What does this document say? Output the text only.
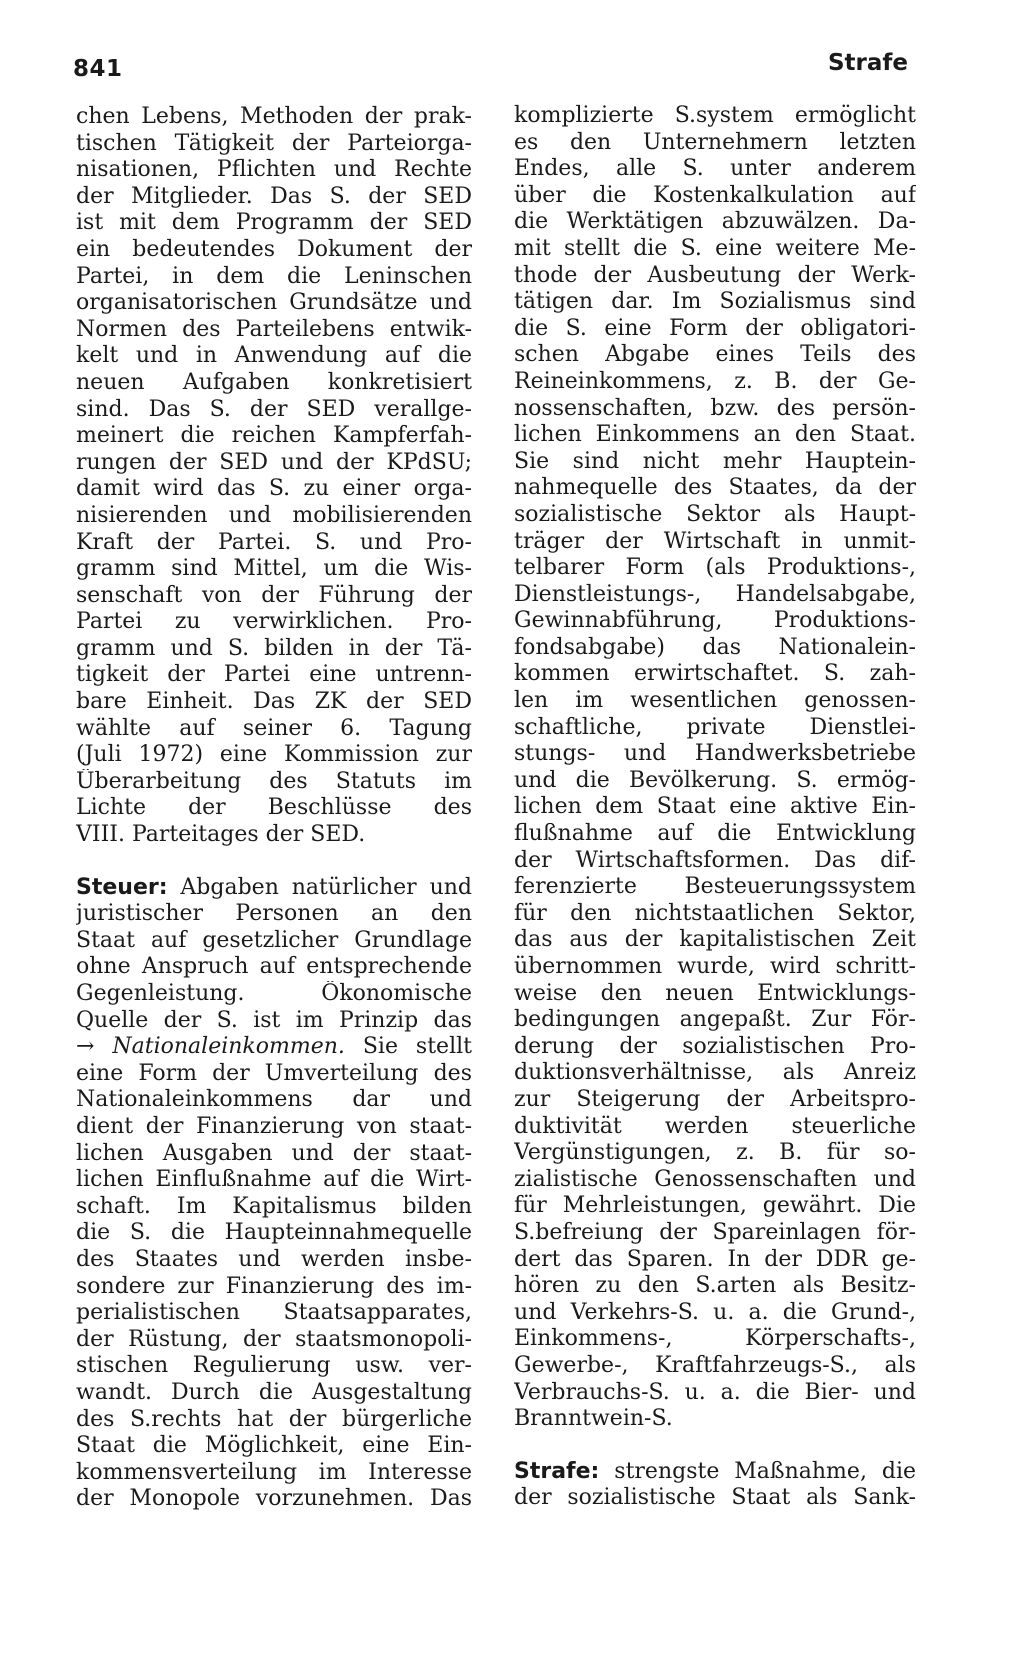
841	Strafe
chen Lebens, Methoden der prak-
tischen Tätigkeit der Parteiorga-
nisationen, Pflichten und Rechte
der Mitglieder. Das S. der SED
ist mit dem Programm der SED
ein bedeutendes Dokument der
Partei, in dem die Leninschen
organisatorischen Grundsätze und
Normen des Parteilebens entwik-
kelt und in Anwendung auf die
neuen Aufgaben konkretisiert
sind. Das S. der SED verallge-
meinert die reichen Kampferfah-
rungen der SED und der KPdSU;
damit wird das S. zu einer orga-
nisierenden und mobilisierenden
Kraft der Partei. S. und Pro-
gramm sind Mittel, um die Wis-
senschaft von der Führung der
Partei zu verwirklichen. Pro-
gramm und S. bilden in der Tä-
tigkeit der Partei eine untrenn-
bare Einheit. Das ZK der SED
wählte auf seiner 6. Tagung
(Juli 1972) eine Kommission zur
Überarbeitung des Statuts im
Lichte der Beschlüsse des
VIII. Parteitages der SED.
Steuer: Abgaben natürlicher und
juristischer Personen an den
Staat auf gesetzlicher Grundlage
ohne Anspruch auf entsprechende
Gegenleistung. Ökonomische
Quelle der S. ist im Prinzip das
→ Nationaleinkommen. Sie stellt
eine Form der Umverteilung des
Nationaleinkommens dar und
dient der Finanzierung von staat-
lichen Ausgaben und der staat-
lichen Einflußnahme auf die Wirt-
schaft. Im Kapitalismus bilden
die S. die Haupteinnahmequelle
des Staates und werden insbe-
sondere zur Finanzierung des im-
perialistischen Staatsapparates,
der Rüstung, der staatsmonopoli-
stischen Regulierung usw. ver-
wandt. Durch die Ausgestaltung
des S.rechts hat der bürgerliche
Staat die Möglichkeit, eine Ein-
kommensverteilung im Interesse
der Monopole vorzunehmen. Das
komplizierte S.system ermöglicht
es den Unternehmern letzten
Endes, alle S. unter anderem
über die Kostenkalkulation auf
die Werktätigen abzuwälzen. Da-
mit stellt die S. eine weitere Me-
thode der Ausbeutung der Werk-
tätigen dar. Im Sozialismus sind
die S. eine Form der obligatori-
schen Abgabe eines Teils des
Reineinkommens, z. B. der Ge-
nossenschaften, bzw. des persön-
lichen Einkommens an den Staat.
Sie sind nicht mehr Hauptein-
nahmequelle des Staates, da der
sozialistische Sektor als Haupt-
träger der Wirtschaft in unmit-
telbarer Form (als Produktions-,
Dienstleistungs-, Handelsabgabe,
Gewinnabführung, Produktions-
fondsabgabe) das Nationalein-
kommen erwirtschaftet. S. zah-
len im wesentlichen genossen-
schaftliche, private Dienstlei-
stungs- und Handwerksbetriebe
und die Bevölkerung. S. ermög-
lichen dem Staat eine aktive Ein-
flußnahme auf die Entwicklung
der Wirtschaftsformen. Das dif-
ferenzierte Besteuerungssystem
für den nichtstaatlichen Sektor,
das aus der kapitalistischen Zeit
übernommen wurde, wird schritt-
weise den neuen Entwicklungs-
bedingungen angepaßt. Zur För-
derung der sozialistischen Pro-
duktionsverhältnisse, als Anreiz
zur Steigerung der Arbeitspro-
duktivität werden steuerliche
Vergünstigungen, z. B. für so-
zialistische Genossenschaften und
für Mehrleistungen, gewährt. Die
S.befreiung der Spareinlagen för-
dert das Sparen. In der DDR ge-
hören zu den S.arten als Besitz-
und Verkehrs-S. u. a. die Grund-,
Einkommens-, Körperschafts-,
Gewerbe-, Kraftfahrzeugs-S., als
Verbrauchs-S. u. a. die Bier- und
Branntwein-S.
Strafe: strengste Maßnahme, die
der sozialistische Staat als Sank-
